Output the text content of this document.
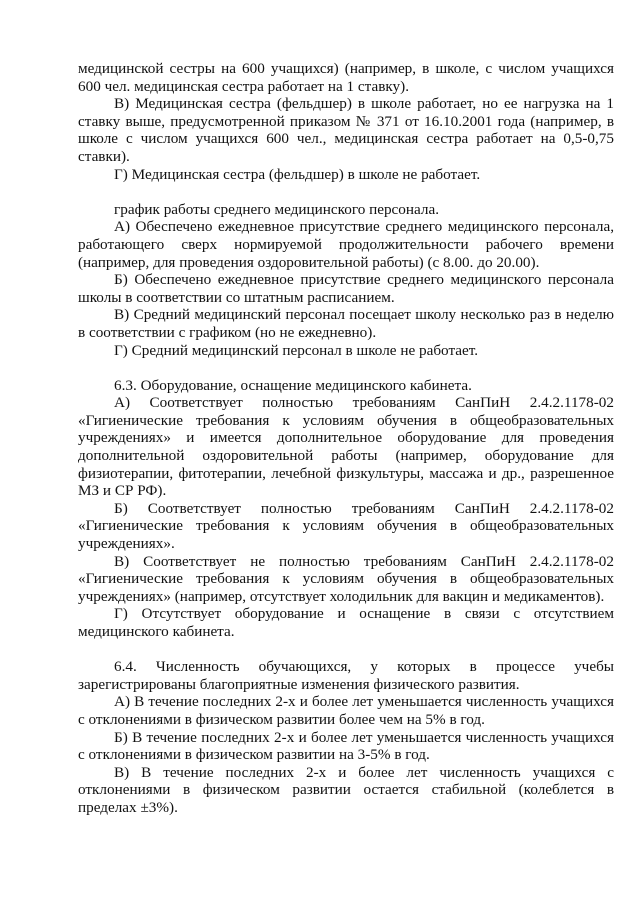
медицинской сестры на 600 учащихся) (например, в школе, с числом учащихся 600 чел. медицинская сестра работает на 1 ставку).

В) Медицинская сестра (фельдшер) в школе работает, но ее нагрузка на 1 ставку выше, предусмотренной приказом № 371 от 16.10.2001 года (например, в школе с числом учащихся 600 чел., медицинская сестра работает на 0,5-0,75 ставки).

Г) Медицинская сестра (фельдшер) в школе не работает.

график работы среднего медицинского персонала.

А) Обеспечено ежедневное присутствие среднего медицинского персонала, работающего сверх нормируемой продолжительности рабочего времени (например, для проведения оздоровительной работы) (с 8.00. до 20.00).

Б) Обеспечено ежедневное присутствие среднего медицинского персонала школы в соответствии со штатным расписанием.

В) Средний медицинский персонал посещает школу несколько раз в неделю в соответствии с графиком (но не ежедневно).

Г) Средний медицинский персонал в школе не работает.

6.3. Оборудование, оснащение медицинского кабинета.

А) Соответствует полностью требованиям СанПиН 2.4.2.1178-02 «Гигиенические требования к условиям обучения в общеобразовательных учреждениях» и имеется дополнительное оборудование для проведения дополнительной оздоровительной работы (например, оборудование для физиотерапии, фитотерапии, лечебной физкультуры, массажа и др., разрешенное МЗ и СР РФ).

Б) Соответствует полностью требованиям СанПиН 2.4.2.1178-02 «Гигиенические требования к условиям обучения в общеобразовательных учреждениях».

В) Соответствует не полностью требованиям СанПиН 2.4.2.1178-02 «Гигиенические требования к условиям обучения в общеобразовательных учреждениях» (например, отсутствует холодильник для вакцин и медикаментов).

Г) Отсутствует оборудование и оснащение в связи с отсутствием медицинского кабинета.

6.4. Численность обучающихся, у которых в процессе учебы зарегистрированы благоприятные изменения физического развития.

А) В течение последних 2-х и более лет уменьшается численность учащихся с отклонениями в физическом развитии более чем на 5% в год.

Б) В течение последних 2-х и более лет уменьшается численность учащихся с отклонениями в физическом развитии на 3-5% в год.

В) В течение последних 2-х и более лет численность учащихся с отклонениями в физическом развитии остается стабильной (колеблется в пределах ±3%).
